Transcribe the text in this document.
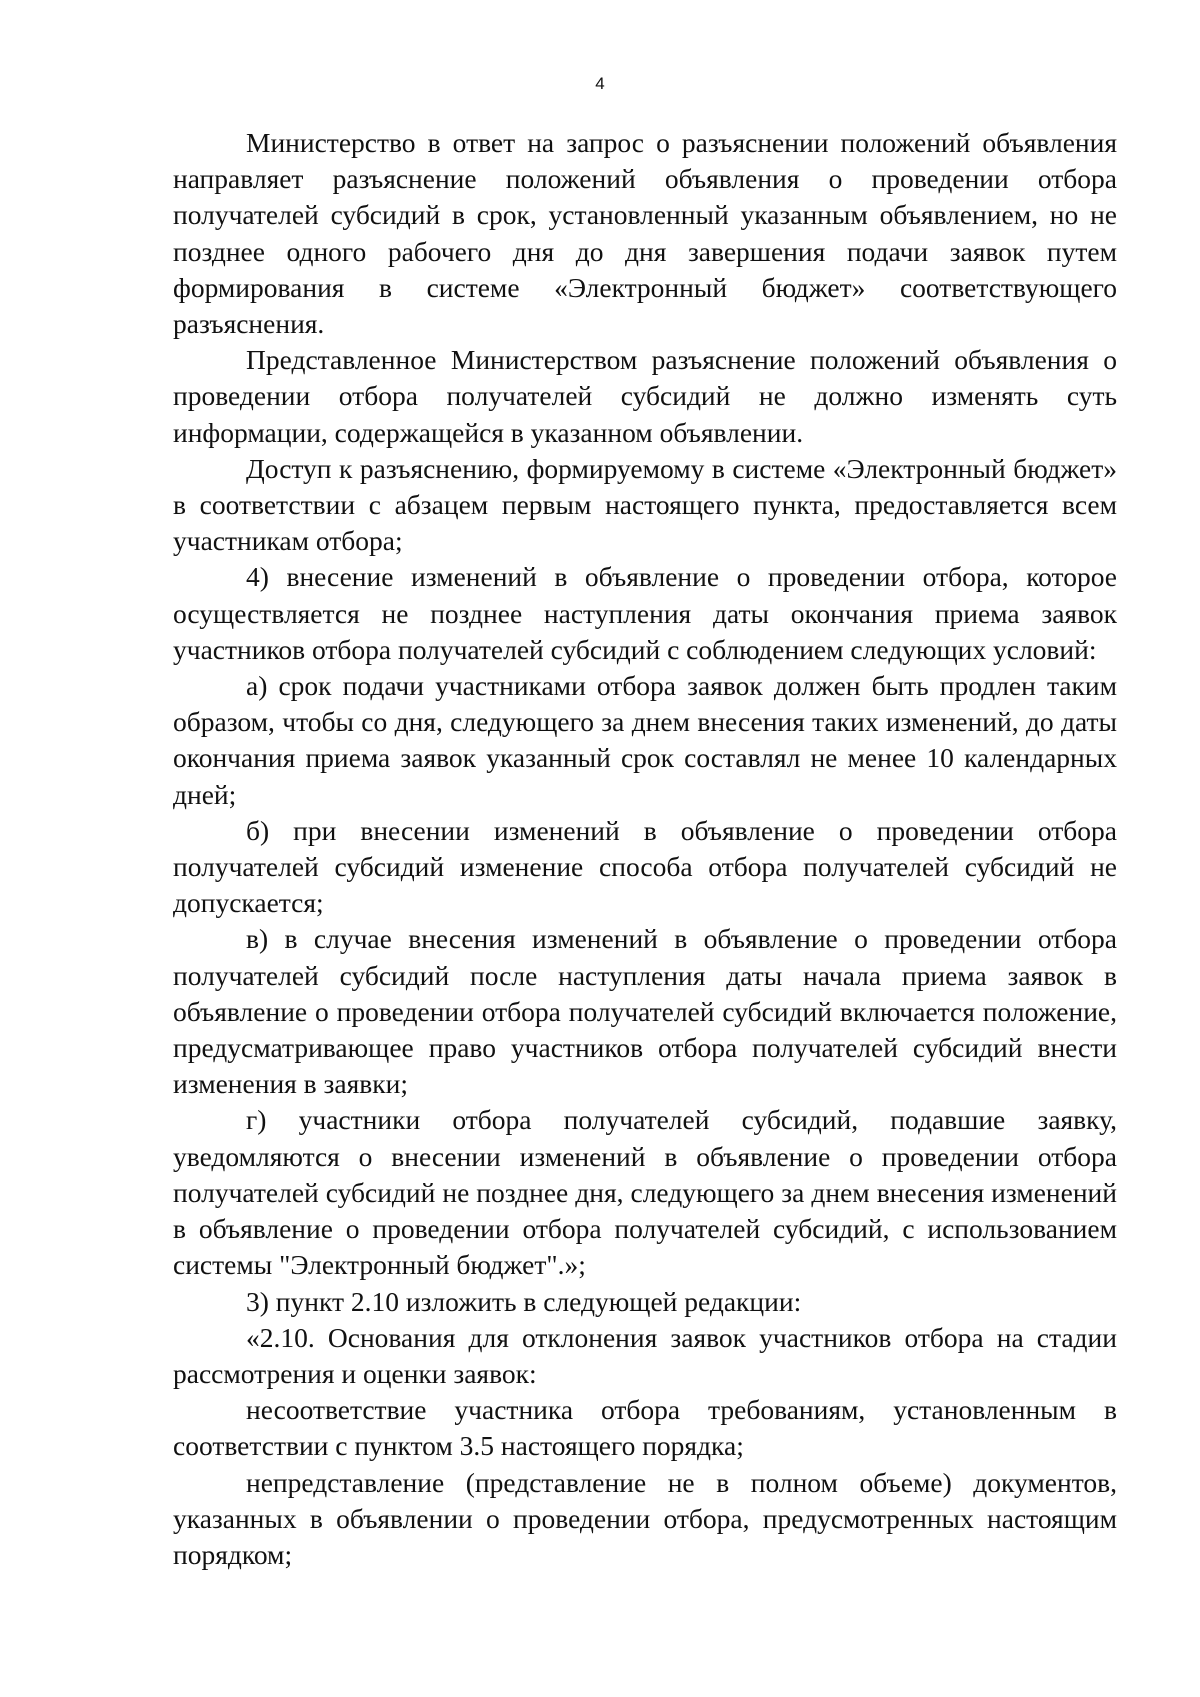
4

Министерство в ответ на запрос о разъяснении положений объявления направляет разъяснение положений объявления о проведении отбора получателей субсидий в срок, установленный указанным объявлением, но не позднее одного рабочего дня до дня завершения подачи заявок путем формирования в системе «Электронный бюджет» соответствующего разъяснения.

Представленное Министерством разъяснение положений объявления о проведении отбора получателей субсидий не должно изменять суть информации, содержащейся в указанном объявлении.

Доступ к разъяснению, формируемому в системе «Электронный бюджет» в соответствии с абзацем первым настоящего пункта, предоставляется всем участникам отбора;

4) внесение изменений в объявление о проведении отбора, которое осуществляется не позднее наступления даты окончания приема заявок участников отбора получателей субсидий с соблюдением следующих условий:

а) срок подачи участниками отбора заявок должен быть продлен таким образом, чтобы со дня, следующего за днем внесения таких изменений, до даты окончания приема заявок указанный срок составлял не менее 10 календарных дней;

б) при внесении изменений в объявление о проведении отбора получателей субсидий изменение способа отбора получателей субсидий не допускается;

в) в случае внесения изменений в объявление о проведении отбора получателей субсидий после наступления даты начала приема заявок в объявление о проведении отбора получателей субсидий включается положение, предусматривающее право участников отбора получателей субсидий внести изменения в заявки;

г) участники отбора получателей субсидий, подавшие заявку, уведомляются о внесении изменений в объявление о проведении отбора получателей субсидий не позднее дня, следующего за днем внесения изменений в объявление о проведении отбора получателей субсидий, с использованием системы "Электронный бюджет".»;

3) пункт 2.10 изложить в следующей редакции:

«2.10. Основания для отклонения заявок участников отбора на стадии рассмотрения и оценки заявок:

несоответствие участника отбора требованиям, установленным в соответствии с пунктом 3.5 настоящего порядка;

непредставление (представление не в полном объеме) документов, указанных в объявлении о проведении отбора, предусмотренных настоящим порядком;
